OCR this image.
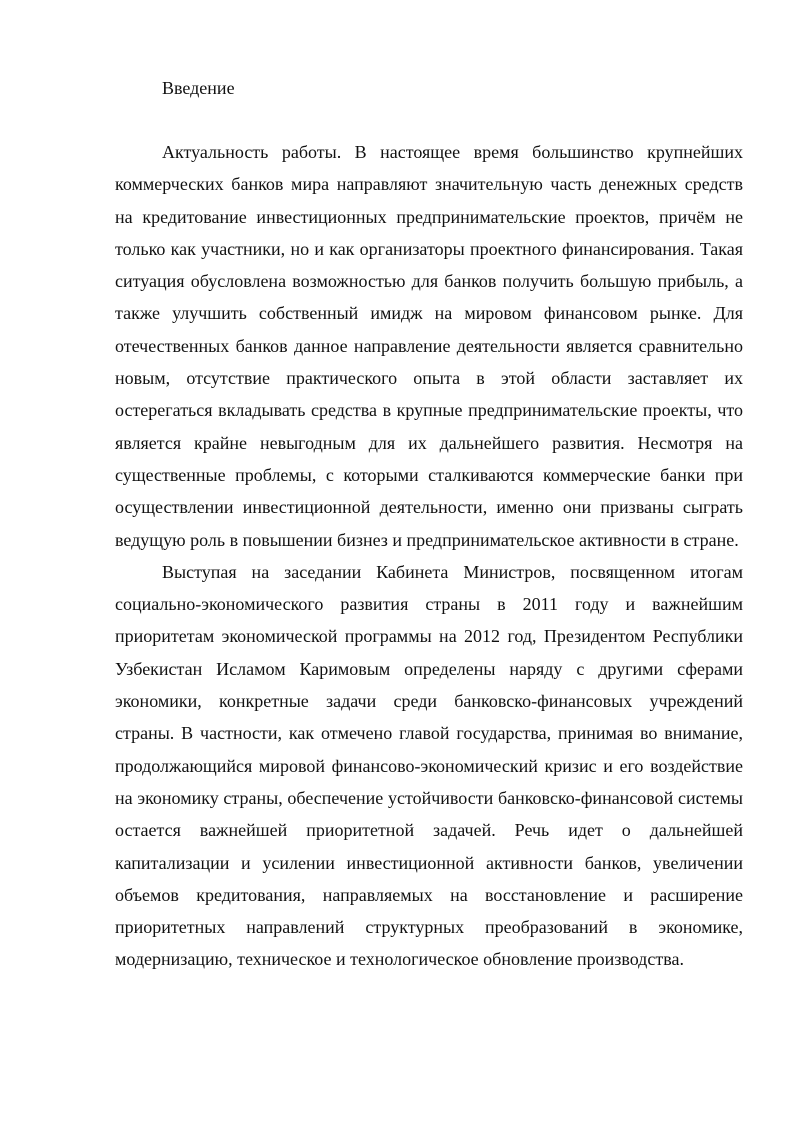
Введение

Актуальность работы. В настоящее время большинство крупнейших коммерческих банков мира направляют значительную часть денежных средств на кредитование инвестиционных предпринимательские проектов, причём не только как участники, но и как организаторы проектного финансирования. Такая ситуация обусловлена возможностью для банков получить большую прибыль, а также улучшить собственный имидж на мировом финансовом рынке. Для отечественных банков данное направление деятельности является сравнительно новым, отсутствие практического опыта в этой области заставляет их остерегаться вкладывать средства в крупные предпринимательские проекты, что является крайне невыгодным для их дальнейшего развития. Несмотря на существенные проблемы, с которыми сталкиваются коммерческие банки при осуществлении инвестиционной деятельности, именно они призваны сыграть ведущую роль в повышении бизнез и предпринимательское активности в стране.

Выступая на заседании Кабинета Министров, посвященном итогам социально-экономического развития страны в 2011 году и важнейшим приоритетам экономической программы на 2012 год, Президентом Республики Узбекистан Исламом Каримовым определены наряду с другими сферами экономики, конкретные задачи среди банковско-финансовых учреждений страны. В частности, как отмечено главой государства, принимая во внимание, продолжающийся мировой финансово-экономический кризис и его воздействие на экономику страны, обеспечение устойчивости банковско-финансовой системы остается важнейшей приоритетной задачей. Речь идет о дальнейшей капитализации и усилении инвестиционной активности банков, увеличении объемов кредитования, направляемых на восстановление и расширение приоритетных направлений структурных преобразований в экономике, модернизацию, техническое и технологическое обновление производства.
